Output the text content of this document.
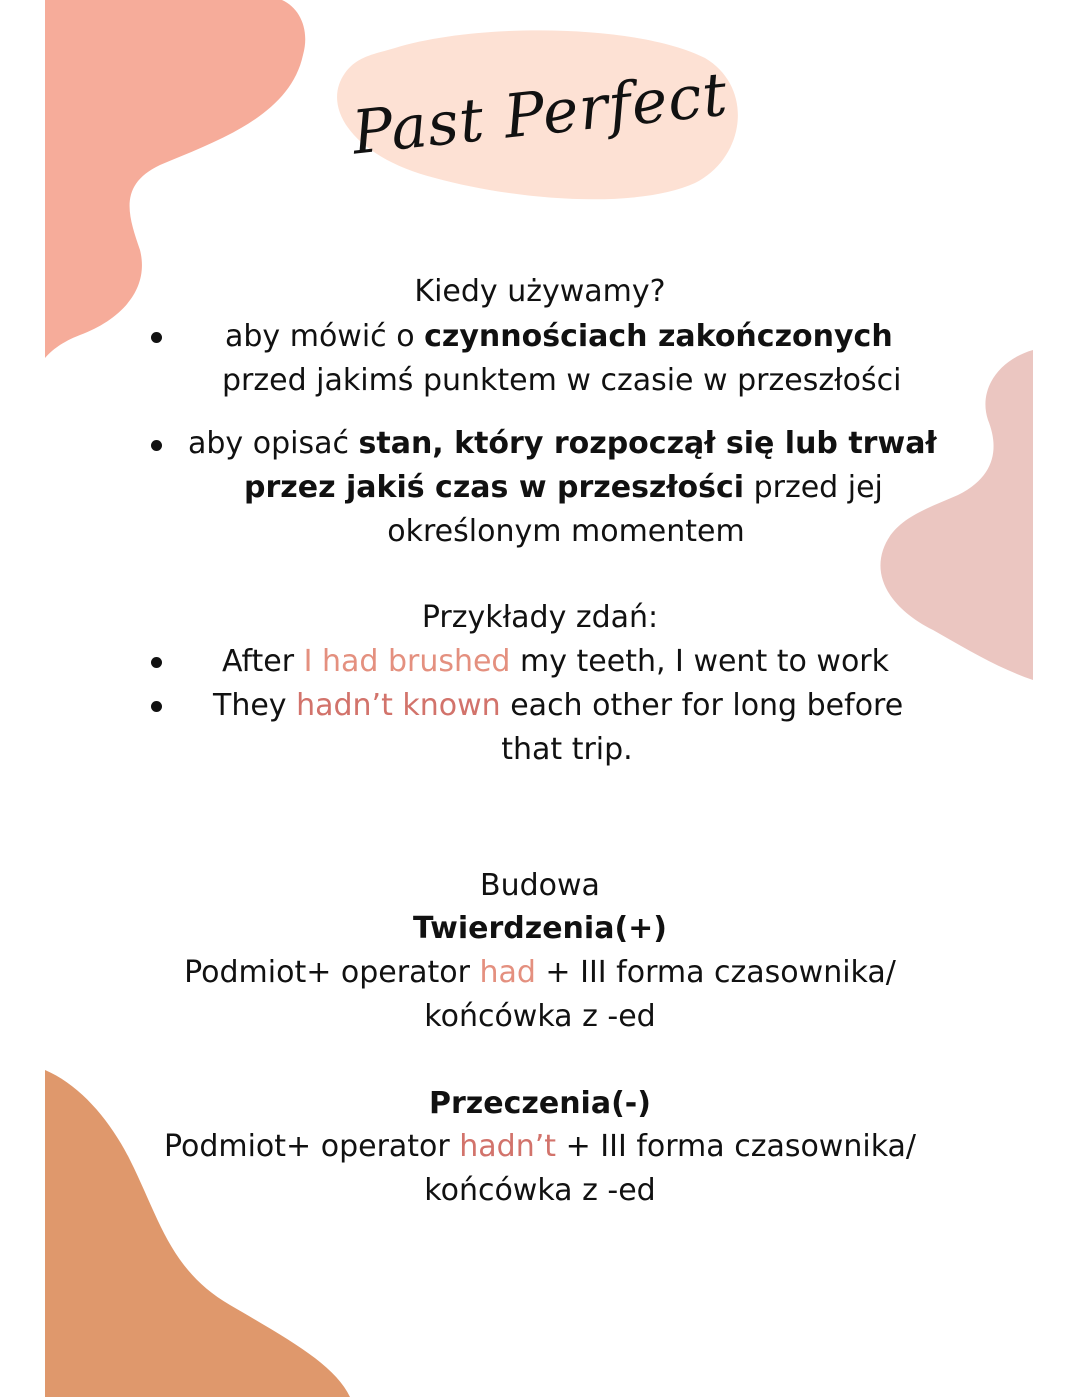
Past Perfect
Kiedy używamy?
aby mówić o czynnościach zakończonych
przed jakimś punktem w czasie w przeszłości
aby opisać stan, który rozpoczął się lub trwał
przez jakiś czas w przeszłości przed jej
określonym momentem
Przykłady zdań:
After I had brushed my teeth, I went to work
They hadn’t known each other for long before
that trip.
Budowa
Twierdzenia(+)
Podmiot+ operator had + III forma czasownika/
końcówka z -ed
Przeczenia(-)
Podmiot+ operator hadn’t + III forma czasownika/
końcówka z -ed
